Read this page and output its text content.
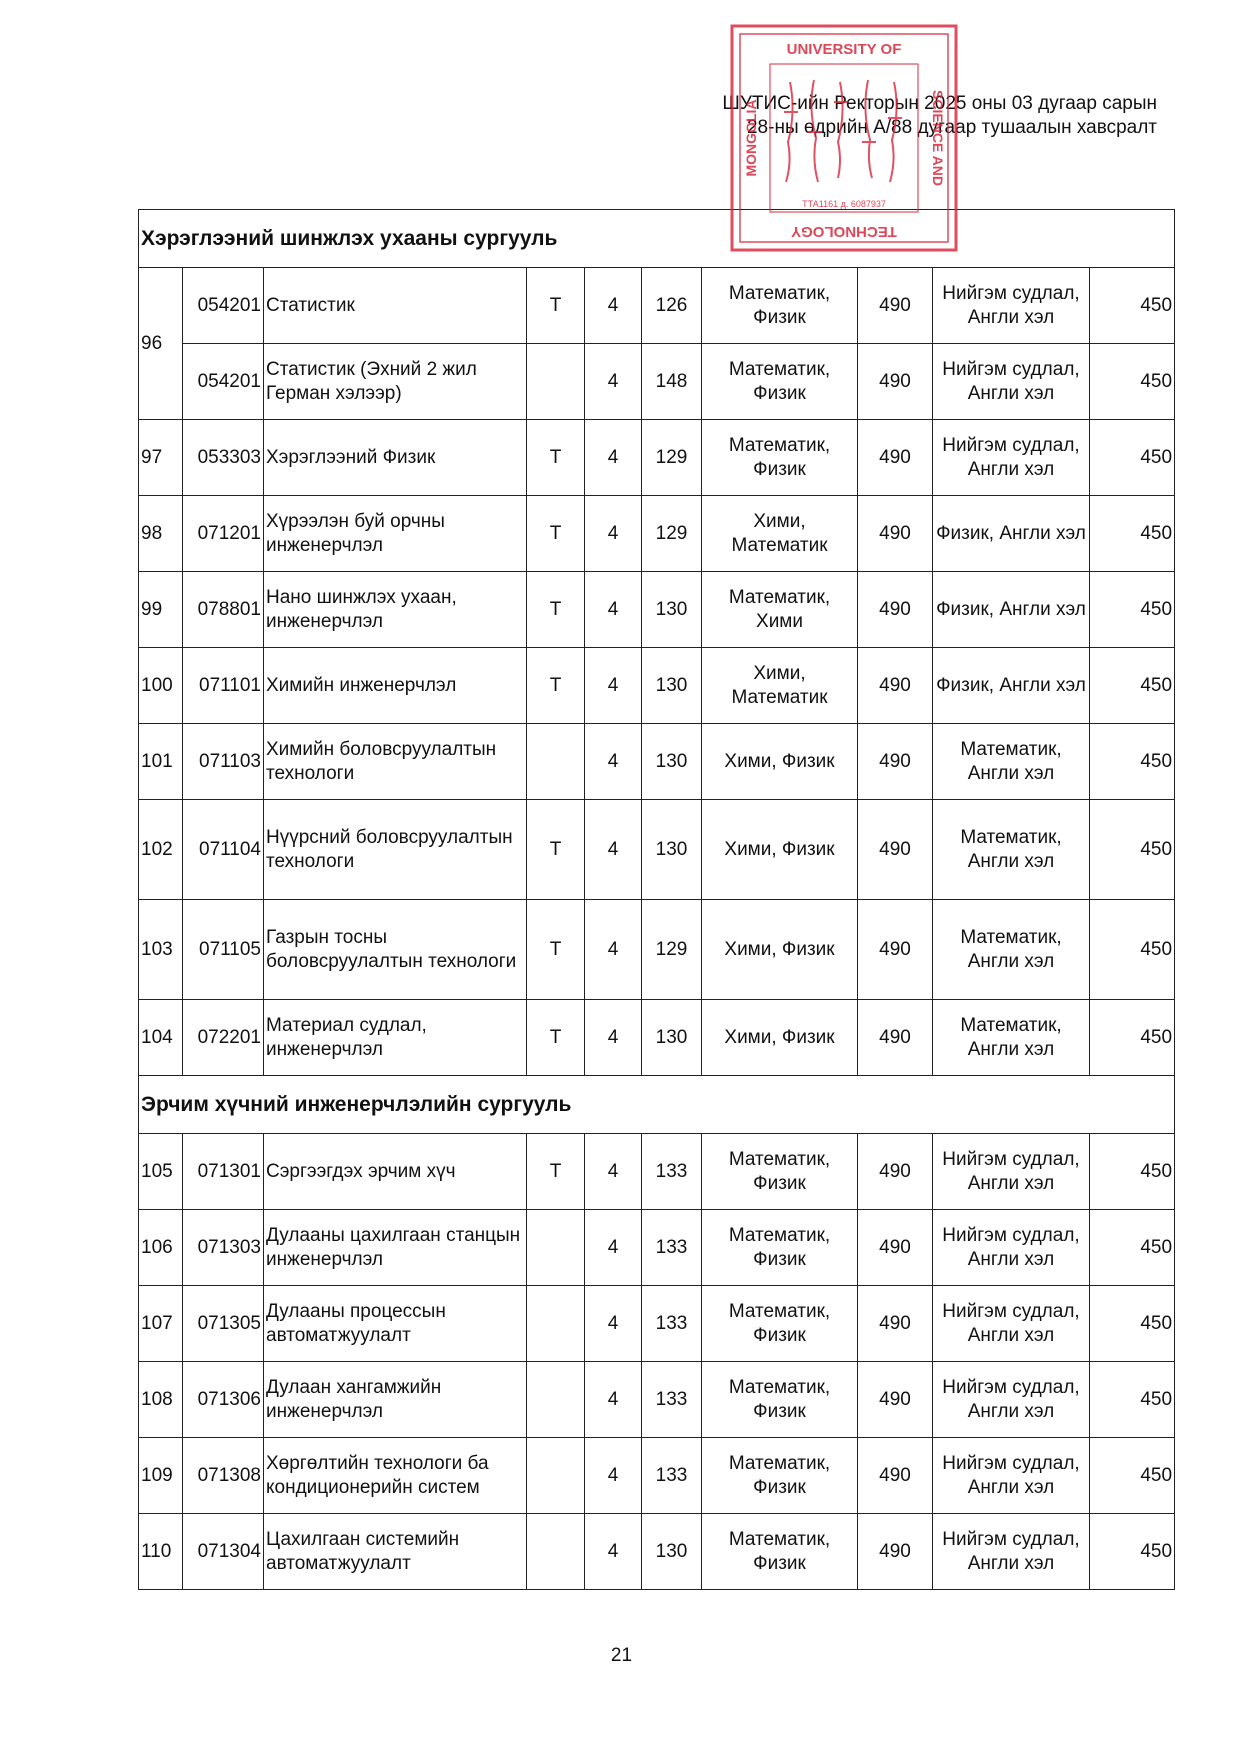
ШУТИС-ийн Ректорын 2025 оны 03 дугаар сарын
28-ны өдрийн А/88 дугаар тушаалын хавсралт
UNIVERSITY OF
SCIENCE AND
TECHNOLOGY
MONGOLIA
ТТА1161 д. 6087937
Хэрэглээний шинжлэх ухааны сургууль									
96	054201	Статистик	Т	4	126	Математик, Физик	490	Нийгэм судлал, Англи хэл	450
	054201	Статистик (Эхний 2 жил Герман хэлээр)		4	148	Математик, Физик	490	Нийгэм судлал, Англи хэл	450
97	053303	Хэрэглээний Физик	Т	4	129	Математик, Физик	490	Нийгэм судлал, Англи хэл	450
98	071201	Хүрээлэн буй орчны инженерчлэл	Т	4	129	Хими, Математик	490	Физик, Англи хэл	450
99	078801	Нано шинжлэх ухаан, инженерчлэл	Т	4	130	Математик, Хими	490	Физик, Англи хэл	450
100	071101	Химийн инженерчлэл	Т	4	130	Хими, Математик	490	Физик, Англи хэл	450
101	071103	Химийн боловсруулалтын технологи		4	130	Хими, Физик	490	Математик, Англи хэл	450
102	071104	Нүүрсний боловсруулалтын технологи	Т	4	130	Хими, Физик	490	Математик, Англи хэл	450
103	071105	Газрын тосны боловсруулалтын технологи	Т	4	129	Хими, Физик	490	Математик, Англи хэл	450
104	072201	Материал судлал, инженерчлэл	Т	4	130	Хими, Физик	490	Математик, Англи хэл	450
Эрчим хүчний инженерчлэлийн сургууль									
105	071301	Сэргээгдэх эрчим хүч	Т	4	133	Математик, Физик	490	Нийгэм судлал, Англи хэл	450
106	071303	Дулааны цахилгаан станцын инженерчлэл		4	133	Математик, Физик	490	Нийгэм судлал, Англи хэл	450
107	071305	Дулааны процессын автоматжуулалт		4	133	Математик, Физик	490	Нийгэм судлал, Англи хэл	450
108	071306	Дулаан хангамжийн инженерчлэл		4	133	Математик, Физик	490	Нийгэм судлал, Англи хэл	450
109	071308	Хөргөлтийн технологи ба кондиционерийн систем		4	133	Математик, Физик	490	Нийгэм судлал, Англи хэл	450
110	071304	Цахилгаан системийн автоматжуулалт		4	130	Математик, Физик	490	Нийгэм судлал, Англи хэл	450
21
